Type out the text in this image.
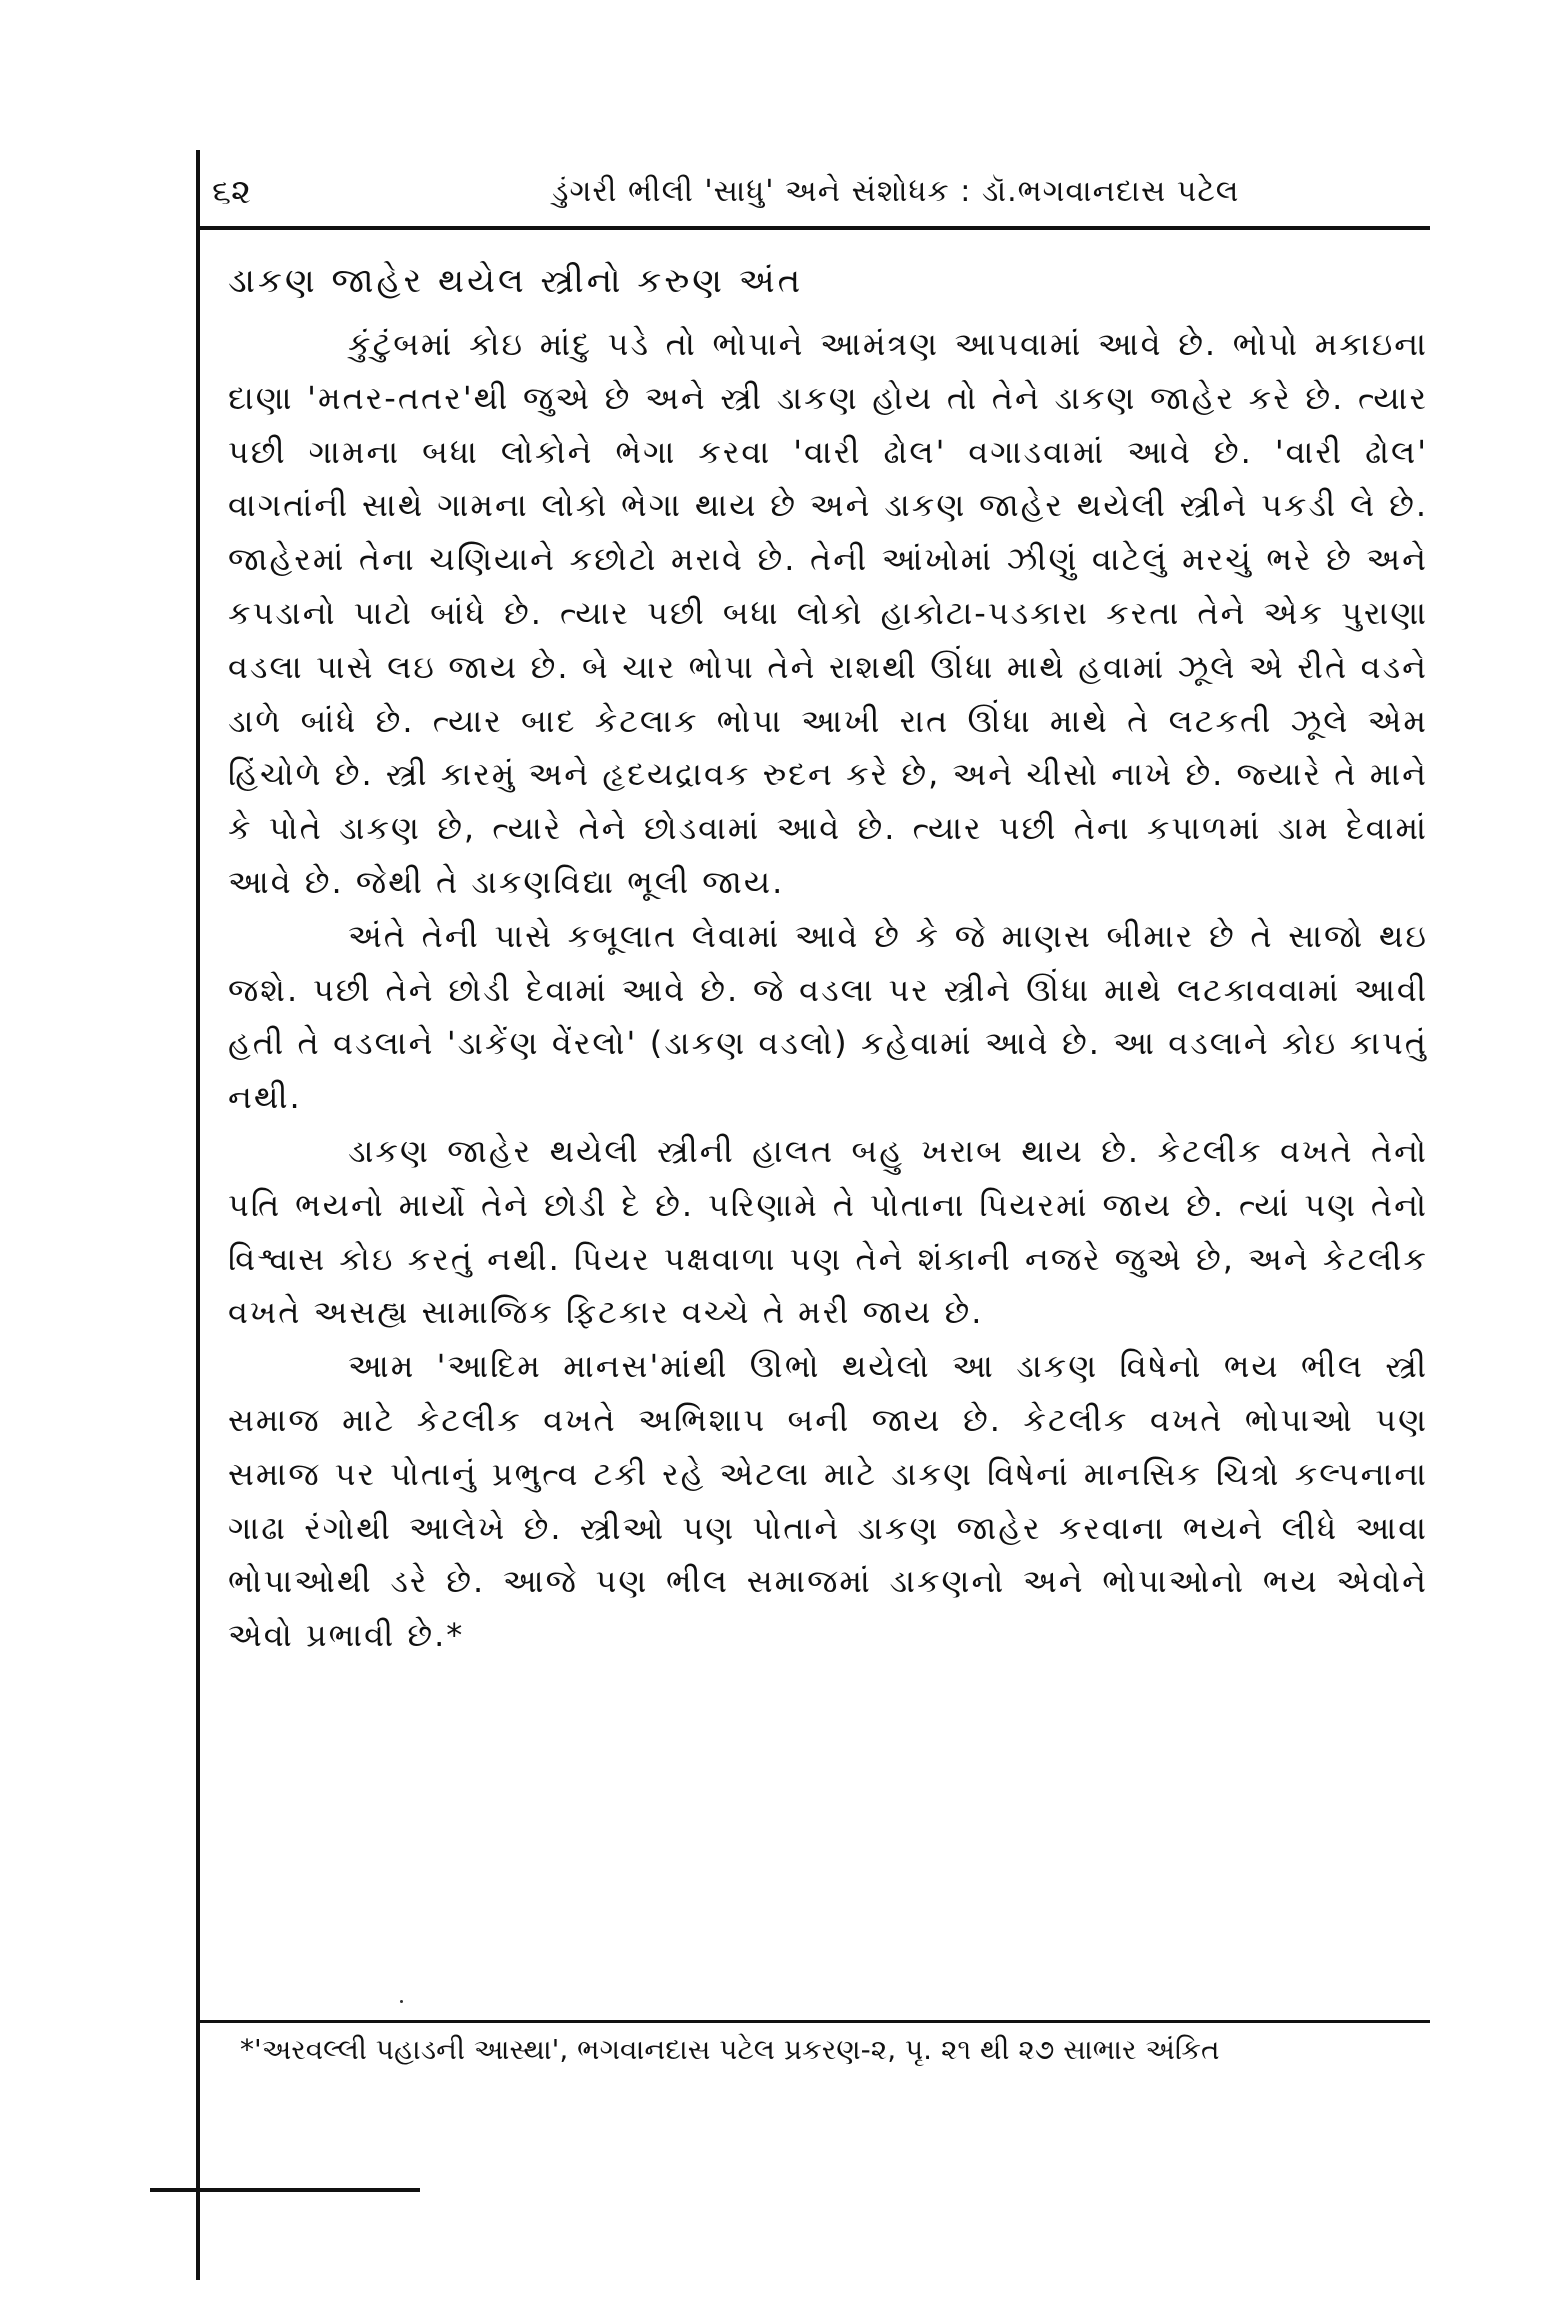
૬૨	ડુંગરી ભીલી 'સાધુ' અને સંશોધક : ડૉ.ભગવાનદાસ પટેલ
ડાકણ જાહેર થયેલ સ્ત્રીનો કરુણ અંત

કુંટુંબમાં કોઇ માંદુ પડે તો ભોપાને આમંત્રણ આપવામાં આવે છે. ભોપો મકાઇના દાણા 'મતર-તતર'થી જુએ છે અને સ્ત્રી ડાકણ હોય તો તેને ડાકણ જાહેર કરે છે. ત્યાર પછી ગામના બધા લોકોને ભેગા કરવા 'વારી ઢોલ' વગાડવામાં આવે છે. 'વારી ઢોલ' વાગતાંની સાથે ગામના લોકો ભેગા થાય છે અને ડાકણ જાહેર થયેલી સ્ત્રીને પકડી લે છે. જાહેરમાં તેના ચણિયાને કછોટો મરાવે છે. તેની આંખોમાં ઝીણું વાટેલું મરચું ભરે છે અને કપડાનો પાટો બાંધે છે. ત્યાર પછી બધા લોકો હાકોટા-પડકારા કરતા તેને એક પુરાણા વડલા પાસે લઇ જાય છે. બે ચાર ભોપા તેને રાશથી ઊંધા માથે હવામાં ઝૂલે એ રીતે વડને ડાળે બાંધે છે. ત્યાર બાદ કેટલાક ભોપા આખી રાત ઊંધા માથે તે લટકતી ઝૂલે એમ હિંચોળે છે. સ્ત્રી કારમું અને હૃદયદ્રાવક રુદન કરે છે, અને ચીસો નાખે છે. જ્યારે તે માને કે પોતે ડાકણ છે, ત્યારે તેને છોડવામાં આવે છે. ત્યાર પછી તેના કપાળમાં ડામ દેવામાં આવે છે. જેથી તે ડાકણવિદ્યા ભૂલી જાય.

અંતે તેની પાસે કબૂલાત લેવામાં આવે છે કે જે માણસ બીમાર છે તે સાજો થઇ જશે. પછી તેને છોડી દેવામાં આવે છે. જે વડલા પર સ્ત્રીને ઊંધા માથે લટકાવવામાં આવી હતી તે વડલાને 'ડાકેંણ વેંરલો' (ડાકણ વડલો) કહેવામાં આવે છે. આ વડલાને કોઇ કાપતું નથી.

ડાકણ જાહેર થયેલી સ્ત્રીની હાલત બહુ ખરાબ થાય છે. કેટલીક વખતે તેનો પતિ ભયનો માર્યો તેને છોડી દે છે. પરિણામે તે પોતાના પિયરમાં જાય છે. ત્યાં પણ તેનો વિશ્વાસ કોઇ કરતું નથી. પિયર પક્ષવાળા પણ તેને શંકાની નજરે જુએ છે, અને કેટલીક વખતે અસહ્ય સામાજિક ફિટકાર વચ્ચે તે મરી જાય છે.

આમ 'આદિમ માનસ'માંથી ઊભો થયેલો આ ડાકણ વિષેનો ભય ભીલ સ્ત્રી સમાજ માટે કેટલીક વખતે અભિશાપ બની જાય છે. કેટલીક વખતે ભોપાઓ પણ સમાજ પર પોતાનું પ્રભુત્વ ટકી રહે એટલા માટે ડાકણ વિષેનાં માનસિક ચિત્રો કલ્પનાના ગાઢા રંગોથી આલેખે છે. સ્ત્રીઓ પણ પોતાને ડાકણ જાહેર કરવાના ભયને લીધે આવા ભોપાઓથી ડરે છે. આજે પણ ભીલ સમાજમાં ડાકણનો અને ભોપાઓનો ભય એવોને એવો પ્રભાવી છે.*

*'અરવલ્લી પહાડની આસ્થા', ભગવાનદાસ પટેલ પ્રકરણ-૨, પૃ. ૨૧ થી ૨૭ સાભાર અંકિત
